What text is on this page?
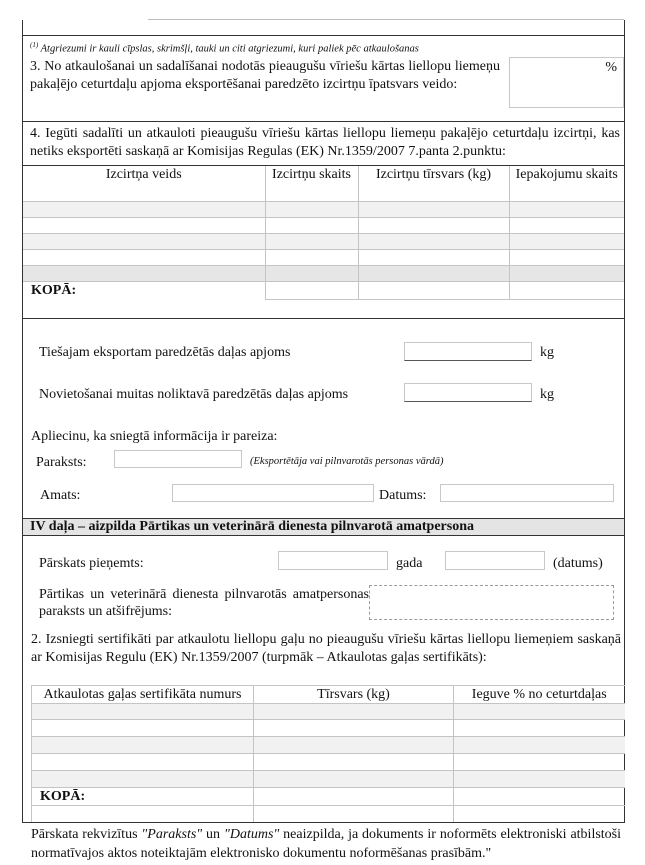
$^{(1)}$ Atgriezumi ir kauli cīpslas, skrimšļi, tauki un citi atgriezumi, kuri paliek pēc atkaulošanas
3. No atkaulošanai un sadalīšanai nodotās pieaugušu vīriešu kārtas liellopu liemeņu pakaļējo ceturtdaļu apjoma eksportēšanai paredzēto izcirtņu īpatsvars veido:
%
4. Iegūti sadalīti un atkauloti pieaugušu vīriešu kārtas liellopu liemeņu pakaļējo ceturtdaļu izcirtņi, kas netiks eksportēti saskaņā ar Komisijas Regulas (EK) Nr.1359/2007 7.panta 2.punktu:
Izcirtņa veids	Izcirtņu skaits	Izcirtņu tīrsvars (kg)	Iepakojumu skaits

KOPĀ:			
Tiešajam eksportam paredzētās daļas apjoms	kg
Novietošanai muitas noliktavā paredzētās daļas apjoms	kg
Apliecinu, ka sniegtā informācija ir pareiza:
Paraksts:	(Eksportētāja vai pilnvarotās personas vārdā)
Amats:	Datums:
IV daļa – aizpilda Pārtikas un veterinārā dienesta pilnvarotā amatpersona
Pārskats pieņemts:	gada	(datums)
Pārtikas un veterinārā dienesta pilnvarotās amatpersonas paraksts un atšifrējums:
2. Izsniegti sertifikāti par atkaulotu liellopu gaļu no pieaugušu vīriešu kārtas liellopu liemeņiem saskaņā ar Komisijas Regulu (EK) Nr.1359/2007 (turpmāk – Atkaulotas gaļas sertifikāts):
Atkaulotas gaļas sertifikāta numurs	Tīrsvars (kg)	Ieguve % no ceturtdaļas

KOPĀ:		

Pārskata rekvizītus "Paraksts" un "Datums" neaizpilda, ja dokuments ir noformēts elektroniski atbilstoši normatīvajos aktos noteiktajām elektronisko dokumentu noformēšanas prasībām."
